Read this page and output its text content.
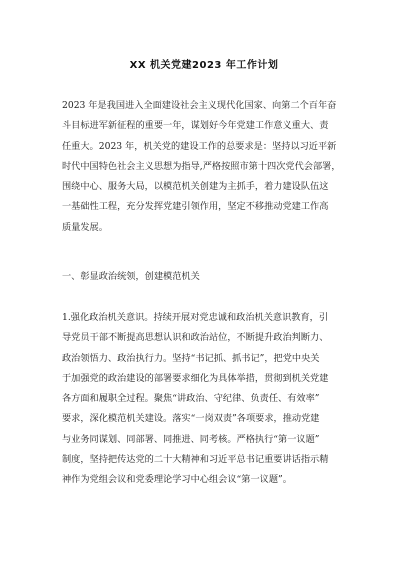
XX 机关党建2023 年工作计划
2023 年是我国进入全面建设社会主义现代化国家、向第二个百年奋
斗目标进军新征程的重要一年，谋划好今年党建工作意义重大、责
任重大。2023 年，机关党的建设工作的总要求是：坚持以习近平新
时代中国特色社会主义思想为指导,严格按照市第十四次党代会部署，
围绕中心、服务大局，以模范机关创建为主抓手，着力建设队伍这
一基础性工程，充分发挥党建引领作用，坚定不移推动党建工作高
质量发展。
一、彰显政治统领，创建模范机关
1.强化政治机关意识。持续开展对党忠诚和政治机关意识教育，引
导党员干部不断提高思想认识和政治站位，不断提升政治判断力、
政治领悟力、政治执行力。坚持“书记抓、抓书记”，把党中央关
于加强党的政治建设的部署要求细化为具体举措，贯彻到机关党建
各方面和履职全过程。聚焦“讲政治、守纪律、负责任、有效率”
要求，深化模范机关建设。落实“一岗双责”各项要求，推动党建
与业务同谋划、同部署、同推进、同考核。严格执行“第一议题”
制度，坚持把传达党的二十大精神和习近平总书记重要讲话指示精
神作为党组会议和党委理论学习中心组会议“第一议题”。
